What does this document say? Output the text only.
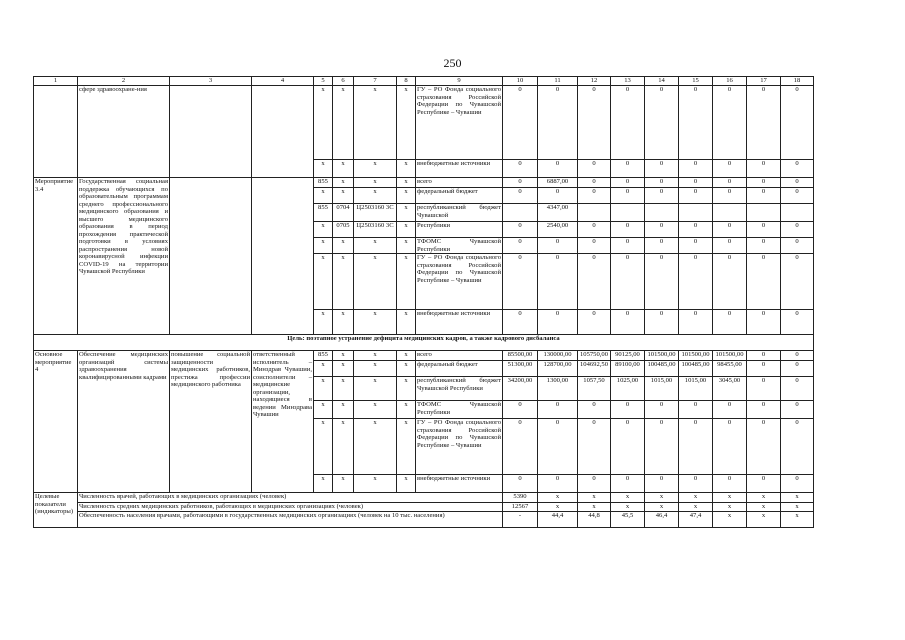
250
1	2	3	4	5	6	7	8	9	10	11	12	13	14	15	16	17	18
	сфере здравоохране-ния			х	х	х	х	ГУ – РО Фонда социального страхования Российской Федерации по Чувашской Республике – Чувашии	0	0	0	0	0	0	0	0	0
				х	х	х	х	внебюджетные источники	0	0	0	0	0	0	0	0	0
Мероприятие 3.4	Государственная социальная поддержка обучающихся по образовательным программам среднего профессионального медицинского образования и высшего медицинского образования в период прохождения практической подготовки в условиях распространения новой коронавирусной инфекции COVID-19 на территории Чувашской Республики			855	х	х	х	всего	0	6887,00	0	0	0	0	0	0	0
				х	х	х	х	федеральный бюджет	0	0	0	0	0	0	0	0	0
				855	0704	Ц2503160 3С	х	республиканский бюджет Чувашской		4347,00							
				х	0705	Ц2503160 3С	х	Республики	0	2540,00	0	0	0	0	0	0	0
				х	х	х	х	ТФОМС Чувашской Республики	0	0	0	0	0	0	0	0	0
				х	х	х	х	ГУ – РО Фонда социального страхования Российской Федерации по Чувашской Республике – Чувашии	0	0	0	0	0	0	0	0	0
				х	х	х	х	внебюджетные источники	0	0	0	0	0	0	0	0	0
Цель: поэтапное устранение дефицита медицинских кадров, а также кадрового дисбаланса																	
Основное мероприятие 4	Обеспечение медицинских организаций системы здравоохранения квалифицированными кадрами	повышение социальной защищенности медицинских работников, престижа профессии медицинского работника	ответственный исполнитель – Минздрав Чувашии, соисполнители – медицинские организации, находящиеся в ведении Минздрава Чувашии	855	х	х	х	всего	85500,00	130000,00	105750,00	90125,00	101500,00	101500,00	101500,00	0	0
				х	х	х	х	федеральный бюджет	51300,00	128700,00	104692,50	89100,00	100485,00	100485,00	98455,00	0	0
				х	х	х	х	республиканский бюджет Чувашской Республики	34200,00	1300,00	1057,50	1025,00	1015,00	1015,00	3045,00	0	0
				х	х	х	х	ТФОМС Чувашской Республики	0	0	0	0	0	0	0	0	0
				х	х	х	х	ГУ – РО Фонда социального страхования Российской Федерации по Чувашской Республике – Чувашии	0	0	0	0	0	0	0	0	0
				х	х	х	х	внебюджетные источники	0	0	0	0	0	0	0	0	0
Целевые показатели (индикаторы)	Численность врачей, работающих в медицинских организациях (человек)								5390	х	х	х	х	х	х	х	х
	Численность средних медицинских работников, работающих в медицинских организациях (человек)								12567	х	х	х	х	х	х	х	х
	Обеспеченность населения врачами, работающими в государственных медицинских организациях (человек на 10 тыс. населения)								-	44,4	44,8	45,5	46,4	47,4	х	х	х
